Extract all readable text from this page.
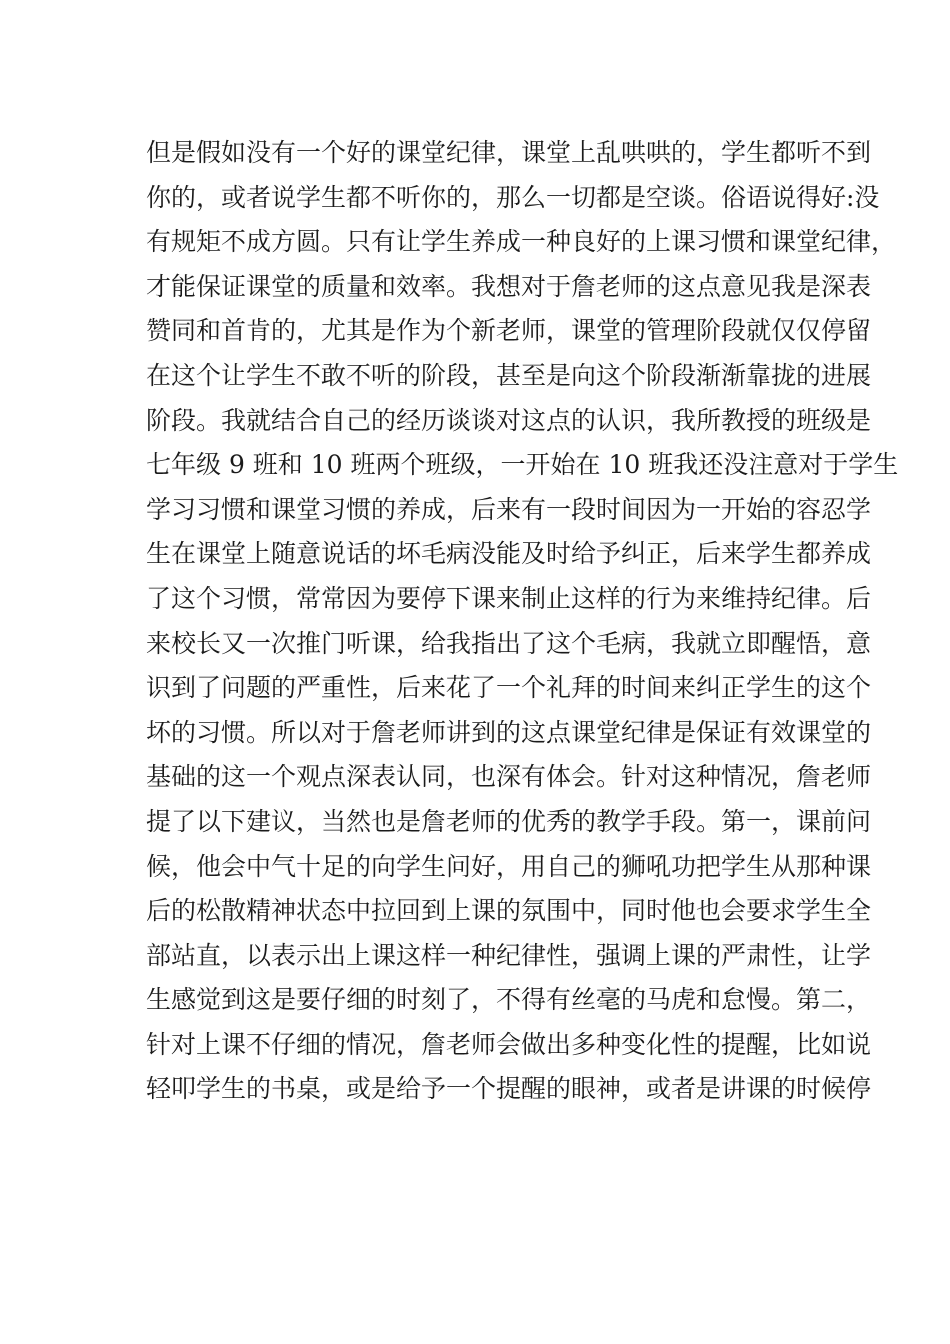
但是假如没有一个好的课堂纪律，课堂上乱哄哄的，学生都听不到
你的，或者说学生都不听你的，那么一切都是空谈。俗语说得好:没
有规矩不成方圆。只有让学生养成一种良好的上课习惯和课堂纪律，
才能保证课堂的质量和效率。我想对于詹老师的这点意见我是深表
赞同和首肯的，尤其是作为个新老师，课堂的管理阶段就仅仅停留
在这个让学生不敢不听的阶段，甚至是向这个阶段渐渐靠拢的进展
阶段。我就结合自己的经历谈谈对这点的认识，我所教授的班级是
七年级 9 班和 10 班两个班级，一开始在 10 班我还没注意对于学生
学习习惯和课堂习惯的养成，后来有一段时间因为一开始的容忍学
生在课堂上随意说话的坏毛病没能及时给予纠正，后来学生都养成
了这个习惯，常常因为要停下课来制止这样的行为来维持纪律。后
来校长又一次推门听课，给我指出了这个毛病，我就立即醒悟，意
识到了问题的严重性，后来花了一个礼拜的时间来纠正学生的这个
坏的习惯。所以对于詹老师讲到的这点课堂纪律是保证有效课堂的
基础的这一个观点深表认同，也深有体会。针对这种情况，詹老师
提了以下建议，当然也是詹老师的优秀的教学手段。第一，课前问
候，他会中气十足的向学生问好，用自己的狮吼功把学生从那种课
后的松散精神状态中拉回到上课的氛围中，同时他也会要求学生全
部站直，以表示出上课这样一种纪律性，强调上课的严肃性，让学
生感觉到这是要仔细的时刻了，不得有丝毫的马虎和怠慢。第二，
针对上课不仔细的情况，詹老师会做出多种变化性的提醒，比如说
轻叩学生的书桌，或是给予一个提醒的眼神，或者是讲课的时候停
